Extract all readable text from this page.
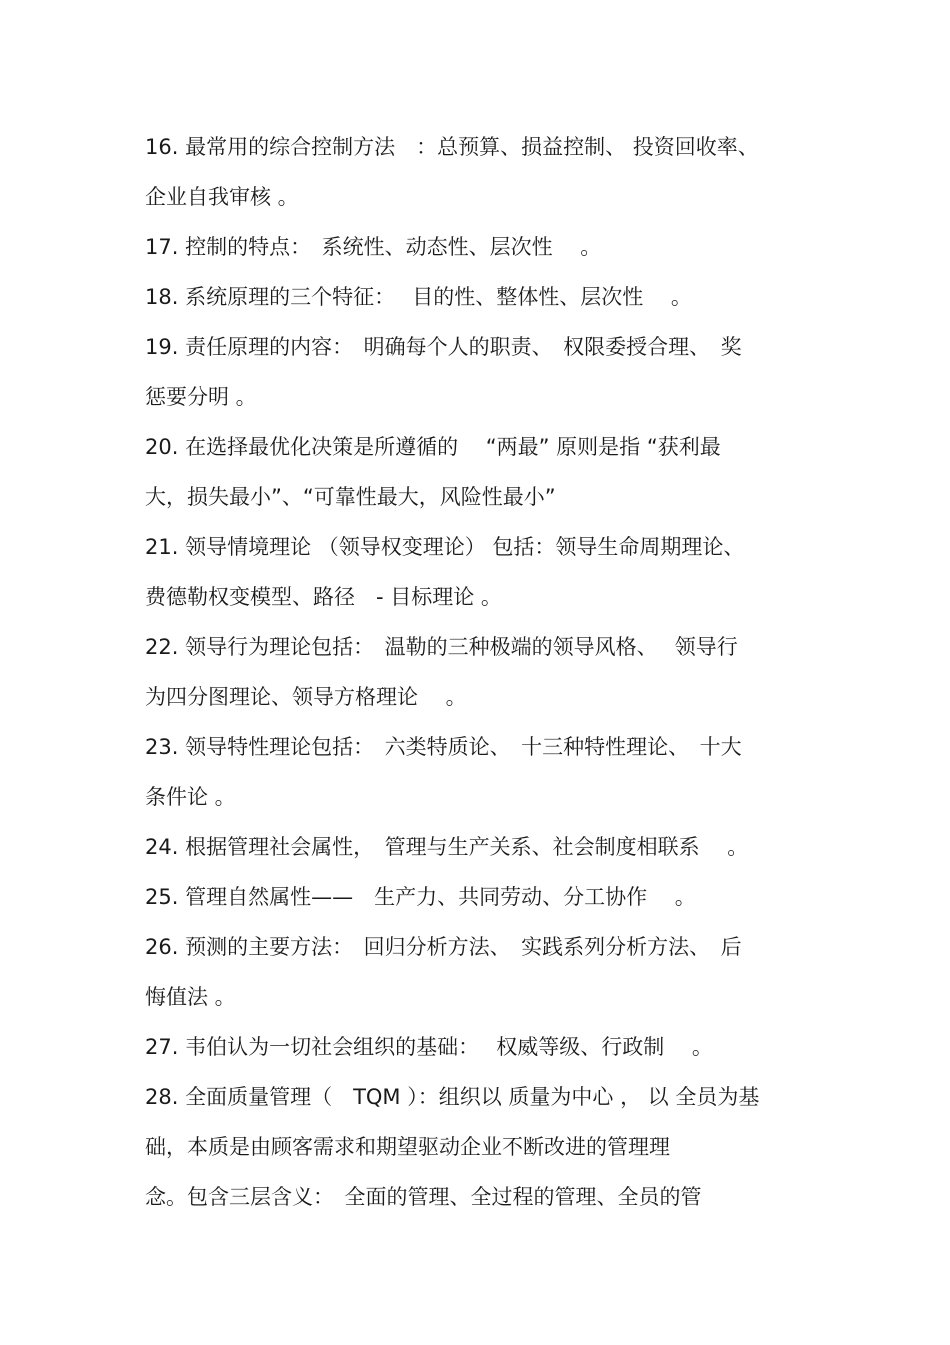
16. 最常用的综合控制方法　：总预算、损益控制、 投资回收率、
企业自我审核 。
17. 控制的特点：　系统性、动态性、层次性　 。
18. 系统原理的三个特征：　 目的性、整体性、层次性　 。
19. 责任原理的内容：　明确每个人的职责、　权限委授合理、　奖
惩要分明 。
20. 在选择最优化决策是所遵循的　 “两最” 原则是指 “获利最
大，损失最小”、“可靠性最大，风险性最小”
21. 领导情境理论 （领导权变理论） 包括：领导生命周期理论、
费德勒权变模型、路径　- 目标理论 。
22. 领导行为理论包括：　温勒的三种极端的领导风格、　 领导行
为四分图理论、领导方格理论　 。
23. 领导特性理论包括：　六类特质论、　十三种特性理论、　十大
条件论 。
24. 根据管理社会属性，　管理与生产关系、社会制度相联系　 。
25. 管理自然属性——　生产力、共同劳动、分工协作　 。
26. 预测的主要方法：　回归分析方法、　实践系列分析方法、　后
悔值法 。
27. 韦伯认为一切社会组织的基础：　 权威等级、行政制　 。
28. 全面质量管理（　TQM ）：组织以 质量为中心 ， 以 全员为基
础，本质是由顾客需求和期望驱动企业不断改进的管理理
念。包含三层含义：　全面的管理、全过程的管理、全员的管
